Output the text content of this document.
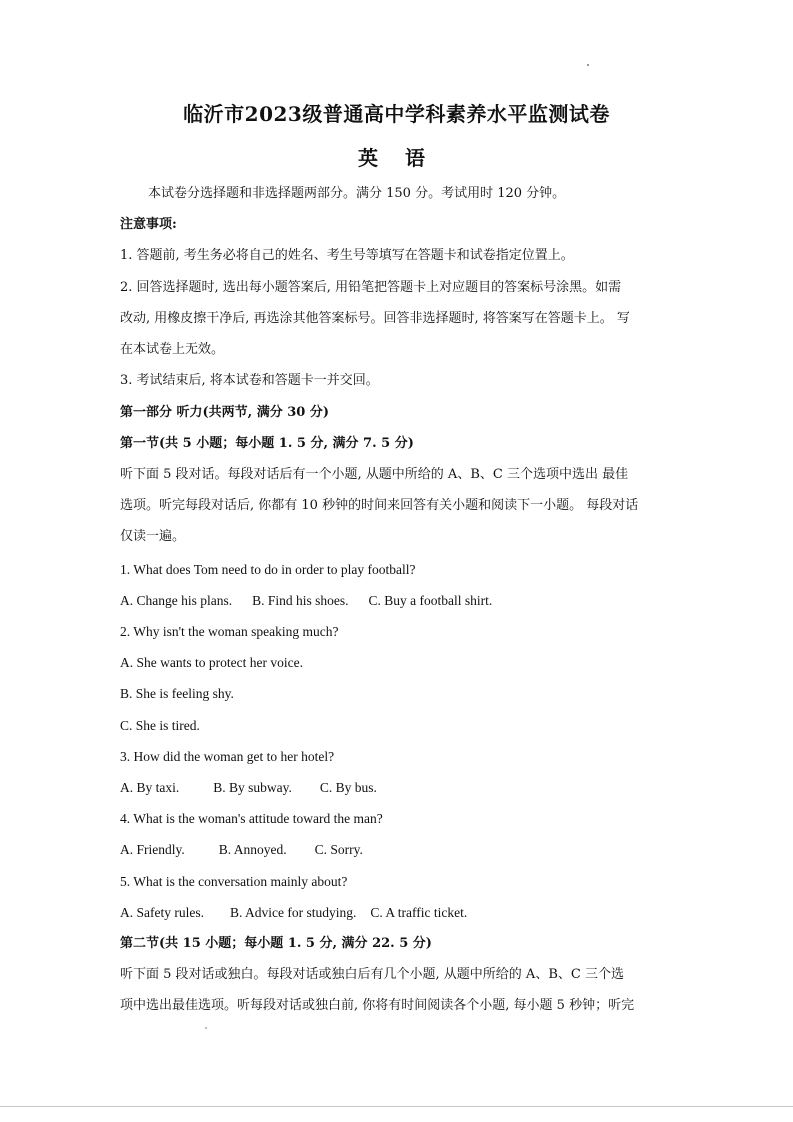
临沂市2023级普通高中学科素养水平监测试卷
英 语
本试卷分选择题和非选择题两部分。满分 150 分。考试用时 120 分钟。
注意事项:
1. 答题前, 考生务必将自己的姓名、考生号等填写在答题卡和试卷指定位置上。
2. 回答选择题时, 选出每小题答案后, 用铅笔把答题卡上对应题目的答案标号涂黑。如需
改动, 用橡皮擦干净后, 再选涂其他答案标号。回答非选择题时, 将答案写在答题卡上。 写
在本试卷上无效。
3. 考试结束后, 将本试卷和答题卡一并交回。
第一部分 听力(共两节, 满分 30 分)
第一节(共 5 小题；每小题 1. 5 分, 满分 7. 5 分)
听下面 5 段对话。每段对话后有一个小题, 从题中所给的 A、B、C 三个选项中选出 最佳
选项。听完每段对话后, 你都有 10 秒钟的时间来回答有关小题和阅读下一小题。 每段对话
仅读一遍。
1. What does Tom need to do in order to play football?
A. Change his plans. B. Find his shoes. C. Buy a football shirt.
2. Why isn't the woman speaking much?
A. She wants to protect her voice.
B. She is feeling shy.
C. She is tired.
3. How did the woman get to her hotel?
A. By taxi.	B. By subway. C. By bus.
4. What is the woman's attitude toward the man?
A. Friendly.	B. Annoyed. C. Sorry.
5. What is the conversation mainly about?
A. Safety rules. B. Advice for studying. C. A traffic ticket.
第二节(共 15 小题；每小题 1. 5 分, 满分 22. 5 分)
听下面 5 段对话或独白。每段对话或独白后有几个小题, 从题中所给的 A、B、C 三个选
项中选出最佳选项。听每段对话或独白前, 你将有时间阅读各个小题, 每小题 5 秒钟；听完
